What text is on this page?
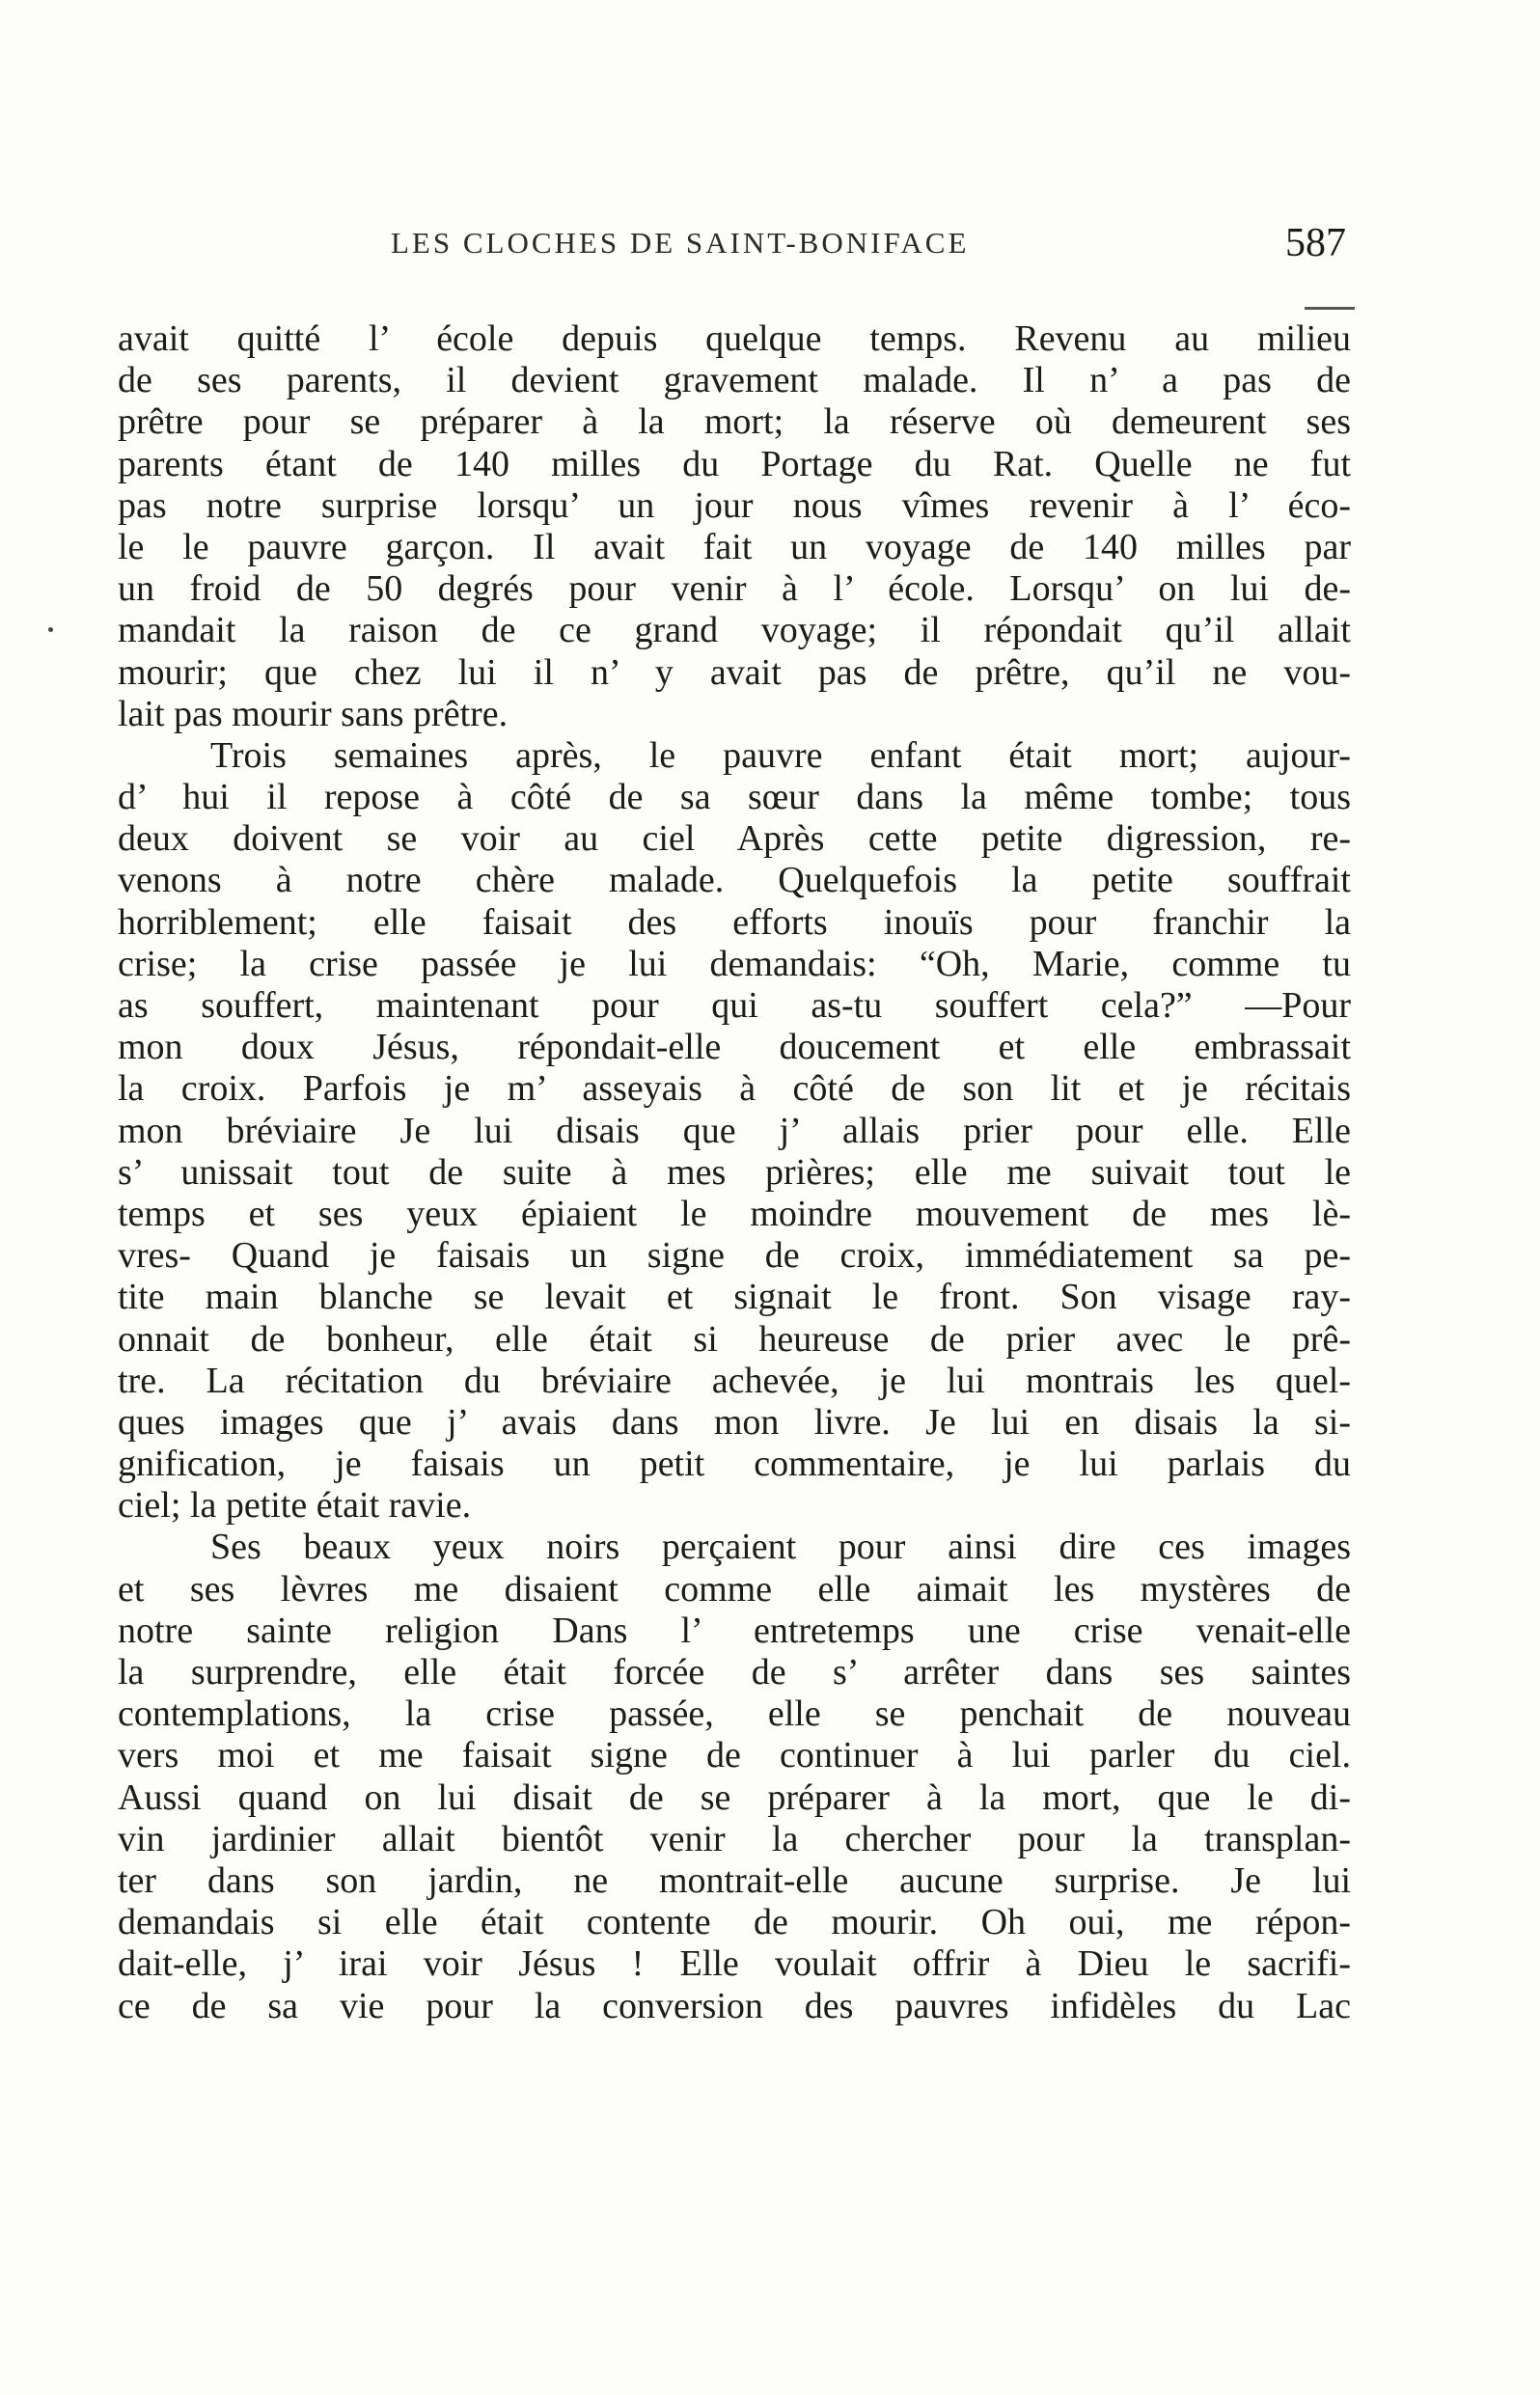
LES CLOCHES DE SAINT-BONIFACE	587
avait quitté l’ école depuis quelque temps. Revenu au milieu
de ses parents, il devient gravement malade. Il n’ a pas de
prêtre pour se préparer à la mort; la réserve où demeurent ses
parents étant de 140 milles du Portage du Rat. Quelle ne fut
pas notre surprise lorsqu’ un jour nous vîmes revenir à l’ éco-
le le pauvre garçon. Il avait fait un voyage de 140 milles par
un froid de 50 degrés pour venir à l’ école. Lorsqu’ on lui de-
mandait la raison de ce grand voyage; il répondait qu’il allait
mourir; que chez lui il n’ y avait pas de prêtre, qu’il ne vou-
lait pas mourir sans prêtre.
Trois semaines après, le pauvre enfant était mort; aujour-
d’ hui il repose à côté de sa sœur dans la même tombe; tous
deux doivent se voir au ciel Après cette petite digression, re-
venons à notre chère malade. Quelquefois la petite souffrait
horriblement; elle faisait des efforts inouïs pour franchir la
crise; la crise passée je lui demandais: “Oh, Marie, comme tu
as souffert, maintenant pour qui as-tu souffert cela?” —Pour
mon doux Jésus, répondait-elle doucement et elle embrassait
la croix. Parfois je m’ asseyais à côté de son lit et je récitais
mon bréviaire Je lui disais que j’ allais prier pour elle. Elle
s’ unissait tout de suite à mes prières; elle me suivait tout le
temps et ses yeux épiaient le moindre mouvement de mes lè-
vres- Quand je faisais un signe de croix, immédiatement sa pe-
tite main blanche se levait et signait le front. Son visage ray-
onnait de bonheur, elle était si heureuse de prier avec le prê-
tre. La récitation du bréviaire achevée, je lui montrais les quel-
ques images que j’ avais dans mon livre. Je lui en disais la si-
gnification, je faisais un petit commentaire, je lui parlais du
ciel; la petite était ravie.
Ses beaux yeux noirs perçaient pour ainsi dire ces images
et ses lèvres me disaient comme elle aimait les mystères de
notre sainte religion Dans l’ entretemps une crise venait-elle
la surprendre, elle était forcée de s’ arrêter dans ses saintes
contemplations, la crise passée, elle se penchait de nouveau
vers moi et me faisait signe de continuer à lui parler du ciel.
Aussi quand on lui disait de se préparer à la mort, que le di-
vin jardinier allait bientôt venir la chercher pour la transplan-
ter dans son jardin, ne montrait-elle aucune surprise. Je lui
demandais si elle était contente de mourir. Oh oui, me répon-
dait-elle, j’ irai voir Jésus ! Elle voulait offrir à Dieu le sacrifi-
ce de sa vie pour la conversion des pauvres infidèles du Lac
